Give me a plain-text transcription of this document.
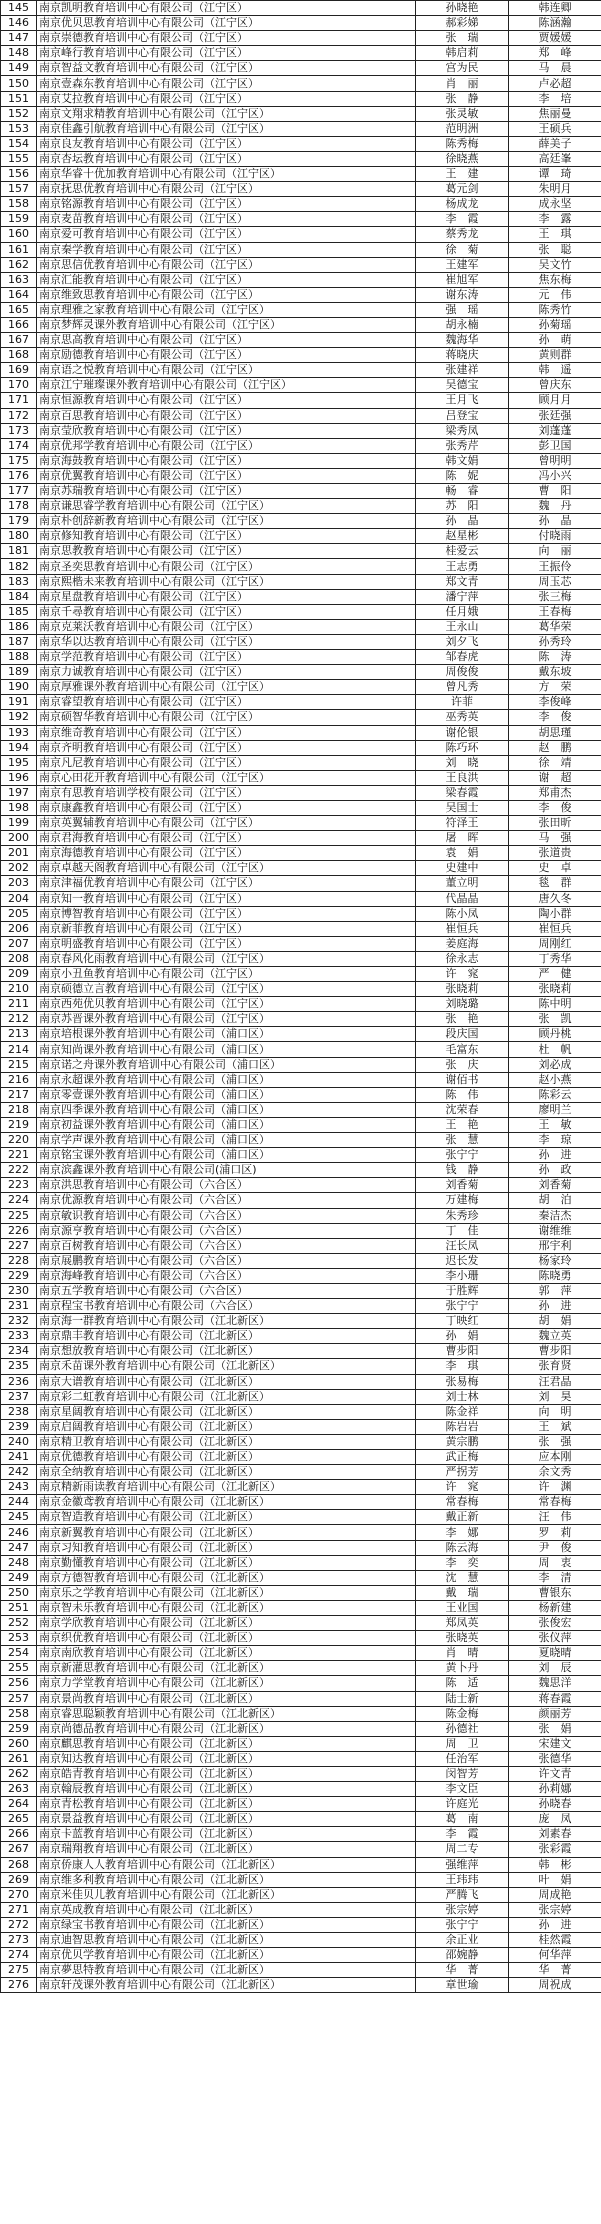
145	南京凯明教育培训中心有限公司（江宁区）	孙晓艳	韩连卿
146	南京优贝思教育培训中心有限公司（江宁区）	郝彩娣	陈涵瀚
147	南京崇德教育培训中心有限公司（江宁区）	张　瑞	贾媛媛
148	南京峰行教育培训中心有限公司（江宁区）	韩启莉	郑　峰
149	南京智益文教育培训中心有限公司（江宁区）	宫为民	马　晨
150	南京壹森东教育培训中心有限公司（江宁区）	肖　丽	卢必超
151	南京艾拉教育培训中心有限公司（江宁区）	张　静	李　培
152	南京文翔求精教育培训中心有限公司（江宁区）	张灵敏	焦丽曼
153	南京佳鑫引航教育培训中心有限公司（江宁区）	范明洲	王硕兵
154	南京良友教育培训中心有限公司（江宁区）	陈秀梅	薛美子
155	南京杏坛教育培训中心有限公司（江宁区）	徐晓燕	高廷峯
156	南京华睿十优加教育培训中心有限公司（江宁区）	王　建	谭　琦
157	南京抚思优教育培训中心有限公司（江宁区）	葛元剑	朱明月
158	南京铭源教育培训中心有限公司（江宁区）	杨成龙	成永坚
159	南京麦苗教育培训中心有限公司（江宁区）	李　霞	李　露
160	南京爱可教育培训中心有限公司（江宁区）	蔡秀龙	王　琪
161	南京秦学教育培训中心有限公司（江宁区）	徐　菊	张　聪
162	南京思信优教育培训中心有限公司（江宁区）	王建军	吴文竹
163	南京汇能教育培训中心有限公司（江宁区）	崔旭军	焦东梅
164	南京维致思教育培训中心有限公司（江宁区）	谢东涛	元　伟
165	南京理雅之家教育培训中心有限公司（江宁区）	强　瑶	陈秀竹
166	南京梦辉灵课外教育培训中心有限公司（江宁区）	胡永楠	孙菊瑶
167	南京思高教育培训中心有限公司（江宁区）	魏海华	孙　萌
168	南京励德教育培训中心有限公司（江宁区）	蒋晓庆	黄则群
169	南京语之悦教育培训中心有限公司（江宁区）	张建祥	韩　遥
170	南京江宁璀璨课外教育培训中心有限公司（江宁区）	吴德宝	曾庆东
171	南京恒源教育培训中心有限公司（江宁区）	王月飞	顾月月
172	南京百思教育培训中心有限公司（江宁区）	吕登宝	张廷强
173	南京莹欣教育培训中心有限公司（江宁区）	梁秀凤	刘蓬蓬
174	南京优邦学教育培训中心有限公司（江宁区）	张秀芹	彭卫国
175	南京海鼓教育培训中心有限公司（江宁区）	韩文娟	曾明明
176	南京优翼教育培训中心有限公司（江宁区）	陈　妮	冯小兴
177	南京苏瑞教育培训中心有限公司（江宁区）	畅　睿	曹　阳
178	南京谦思睿学教育培训中心有限公司（江宁区）	苏　阳	魏　丹
179	南京朴创辞新教育培训中心有限公司（江宁区）	孙　晶	孙　晶
180	南京修知教育培训中心有限公司（江宁区）	赵星彬	付晓雨
181	南京思教教育培训中心有限公司（江宁区）	桂爱云	向　丽
182	南京圣奕思教育培训中心有限公司（江宁区）	王志勇	王振伶
183	南京熙楷未来教育培训中心有限公司（江宁区）	郑文青	周玉芯
184	南京星盘教育培训中心有限公司（江宁区）	潘宁萍	张三梅
185	南京千尋教育培训中心有限公司（江宁区）	任月娥	王春梅
186	南京克莱沃教育培训中心有限公司（江宁区）	王永山	葛华荣
187	南京华以达教育培训中心有限公司（江宁区）	刘夕飞	孙秀玲
188	南京学范教育培训中心有限公司（江宁区）	邹春虎	陈　涛
189	南京力诚教育培训中心有限公司（江宁区）	周俊俊	戴东坡
190	南京厚雅课外教育培训中心有限公司（江宁区）	曾凡秀	方　荣
191	南京睿望教育培训中心有限公司（江宁区）	许菲	李俊峰
192	南京硕智华教育培训中心有限公司（江宁区）	巫秀英	李　俊
193	南京维奇教育培训中心有限公司（江宁区）	谢伦银	胡思瑾
194	南京齐明教育培训中心有限公司（江宁区）	陈巧环	赵　鹏
195	南京凡尼教育培训中心有限公司（江宁区）	刘　晓	徐　靖
196	南京心田花开教育培训中心有限公司（江宁区）	王良洪	谢　超
197	南京有思教育培训学校有限公司（江宁区）	梁春霞	郑甫杰
198	南京康鑫教育培训中心有限公司（江宁区）	吴国士	李　俊
199	南京英翼辅教育培训中心有限公司（江宁区）	符泽王	张田昕
200	南京君海教育培训中心有限公司（江宁区）	屠　晖	马　强
201	南京海德教育培训中心有限公司（江宁区）	袁　娟	张道贵
202	南京卓越天阁教育培训中心有限公司（江宁区）	史建中	史　卓
203	南京津福优教育培训中心有限公司（江宁区）	董立明	毯　群
204	南京知一教育培训中心有限公司（江宁区）	代晶晶	唐久冬
205	南京博智教育培训中心有限公司（江宁区）	陈小凤	陶小群
206	南京新菲教育培训中心有限公司（江宁区）	崔恒兵	崔恒兵
207	南京明盛教育培训中心有限公司（江宁区）	姜庭海	周刚红
208	南京春风化雨教育培训中心有限公司（江宁区）	徐永志	丁秀华
209	南京小丑鱼教育培训中心有限公司（江宁区）	许　窕	严　健
210	南京硕德立言教育培训中心有限公司（江宁区）	张晓莉	张晓莉
211	南京西苑优贝教育培训中心有限公司（江宁区）	刘晓璐	陈中明
212	南京苏晋课外教育培训中心有限公司（江宁区）	张　艳	张　凯
213	南京培根课外教育培训中心有限公司（浦口区）	段庆国	顾丹桃
214	南京知尚课外教育培训中心有限公司（浦口区）	毛富东	杜　帆
215	南京诺之舟课外教育培训中心有限公司（浦口区）	张　庆	刘必成
216	南京永超课外教育培训中心有限公司（浦口区）	谢佰书	赵小燕
217	南京零壹课外教育培训中心有限公司（浦口区）	陈　伟	陈彩云
218	南京四季课外教育培训中心有限公司（浦口区）	沈荣春	廖明兰
219	南京初益课外教育培训中心有限公司（浦口区）	王　艳	王　敏
220	南京学声课外教育培训中心有限公司（浦口区）	张　慧	李　琼
221	南京铭宝课外教育培训中心有限公司（浦口区）	张宁宁	孙　进
222	南京滨鑫课外教育培训中心有限公司(浦口区)	钱　静	孙　政
223	南京洪思教育培训中心有限公司（六合区）	刘香菊	刘香菊
224	南京优源教育培训中心有限公司（六合区）	万建梅	胡　泊
225	南京敏识教育培训中心有限公司（六合区）	朱秀珍	秦洁杰
226	南京源亨教育培训中心有限公司（六合区）	丁　佳	谢维维
227	南京百树教育培训中心有限公司（六合区）	汪长凤	邢宇利
228	南京展鹏教育培训中心有限公司（六合区）	迟长发	杨家玲
229	南京海峰教育培训中心有限公司（六合区）	李小珊	陈晓勇
230	南京五学教育培训中心有限公司（六合区）	于胜辉	郭　萍
231	南京程宝书教育培训中心有限公司（六合区）	张宁宁	孙　进
232	南京海一群教育培训中心有限公司（江北新区）	丁映红	胡　娟
233	南京鼎丰教育培训中心有限公司（江北新区）	孙　娟	魏立英
234	南京想放教育培训中心有限公司（江北新区）	曹步阳	曹步阳
235	南京禾苗课外教育培训中心有限公司（江北新区）	李　琪	张育贤
236	南京大谱教育培训中心有限公司（江北新区）	张易梅	汪君晶
237	南京彩二虹教育培训中心有限公司（江北新区）	刘士林	刘　昊
238	南京星阔教育培训中心有限公司（江北新区）	陈金祥	向　明
239	南京启阔教育培训中心有限公司（江北新区）	陈岩岩	王　斌
240	南京精卫教育培训中心有限公司（江北新区）	黄宗鹏	张　强
241	南京优德教育培训中心有限公司（江北新区）	武正梅	应本刚
242	南京全纳教育培训中心有限公司（江北新区）	严拐芳	余文秀
243	南京精新雨读教育培训中心有限公司（江北新区）	许　窕	许　渊
244	南京金徽鸢教育培训中心有限公司（江北新区）	常春梅	常春梅
245	南京智造教育培训中心有限公司（江北新区）	戴正新	汪　伟
246	南京新翼教育培训中心有限公司（江北新区）	李　娜	罗　莉
247	南京习知教育培训中心有限公司（江北新区）	陈云海	尹　俊
248	南京勤懂教育培训中心有限公司（江北新区）	李　奕	周　衷
249	南京方德智教育培训中心有限公司（江北新区）	沈　慧	李　清
250	南京乐之学教育培训中心有限公司（江北新区）	戴　瑞	曹银东
251	南京智未乐教育培训中心有限公司（江北新区）	王业国	杨新建
252	南京学欣教育培训中心有限公司（江北新区）	郑凤英	张俊宏
253	南京织优教育培训中心有限公司（江北新区）	张晓英	张仪萍
254	南京南欣教育培训中心有限公司（江北新区）	肖　晴	夏晓晴
255	南京新灌思教育培训中心有限公司（江北新区）	黄卜丹	刘　辰
256	南京力学堂教育培训中心有限公司（江北新区）	陈　适	魏思洋
257	南京景尚教育培训中心有限公司（江北新区）	陆士新	蒋春霞
258	南京睿思聪颖教育培训中心有限公司（江北新区）	陈金梅	颜丽芳
259	南京尚德品教育培训中心有限公司（江北新区）	孙德社	张　娟
260	南京麒思教育培训中心有限公司（江北新区）	周　卫	宋建文
261	南京知达教育培训中心有限公司（江北新区）	任治军	张德华
262	南京皓青教育培训中心有限公司（江北新区）	闵智芳	许文青
263	南京翰辰教育培训中心有限公司（江北新区）	李文臣	孙莉娜
264	南京青松教育培训中心有限公司（江北新区）	许庭光	孙晓春
265	南京景益教育培训中心有限公司（江北新区）	葛　南	庞　凤
266	南京卡蓝教育培训中心有限公司（江北新区）	李　霞	刘素春
267	南京瑞翔教育培训中心有限公司（江北新区）	周二专	张彩霞
268	南京侨康人人教育培训中心有限公司（江北新区）	强维萍	韩　彬
269	南京维多利教育培训中心有限公司（江北新区）	王玮玮	叶　娟
270	南京米佳贝儿教育培训中心有限公司（江北新区）	严腾飞	周成艳
271	南京英成教育培训中心有限公司（江北新区）	张宗婷	张宗婷
272	南京绿宝书教育培训中心有限公司（江北新区）	张宁宁	孙　进
273	南京迪智思教育培训中心有限公司（江北新区）	余正业	桂然霞
274	南京优贝学教育培训中心有限公司（江北新区）	邵婉静	何华萍
275	南京夢思特教育培训中心有限公司（江北新区）	华　菁	华　菁
276	南京轩茂课外教育培训中心有限公司（江北新区）	章世瑜	周祝成
